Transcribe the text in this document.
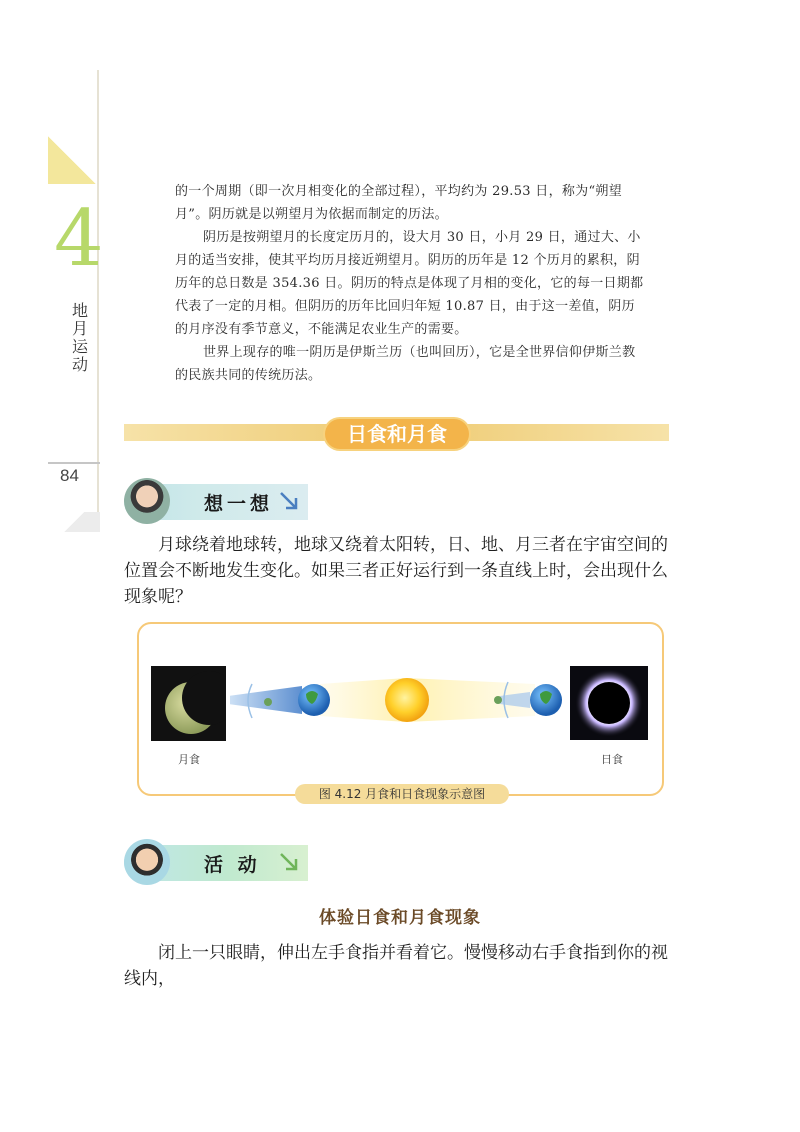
4
地月运动
84

的一个周期（即一次月相变化的全部过程），平均约为 29.53 日，称为“朔望月”。阴历就是以朔望月为依据而制定的历法。

阴历是按朔望月的长度定历月的，设大月 30 日，小月 29 日，通过大、小月的适当安排，使其平均历月接近朔望月。阴历的历年是 12 个历月的累积，阴历年的总日数是 354.36 日。阴历的特点是体现了月相的变化，它的每一日期都代表了一定的月相。但阴历的历年比回归年短 10.87 日，由于这一差值，阴历的月序没有季节意义，不能满足农业生产的需要。

世界上现存的唯一阴历是伊斯兰历（也叫回历），它是全世界信仰伊斯兰教的民族共同的传统历法。

日食和月食
想一想

月球绕着地球转，地球又绕着太阳转，日、地、月三者在宇宙空间的位置会不断地发生变化。如果三者正好运行到一条直线上时，会出现什么现象呢？

月食	日食
图 4.12 月食和日食现象示意图
活 动
体验日食和月食现象

闭上一只眼睛，伸出左手食指并看着它。慢慢移动右手食指到你的视线内，
